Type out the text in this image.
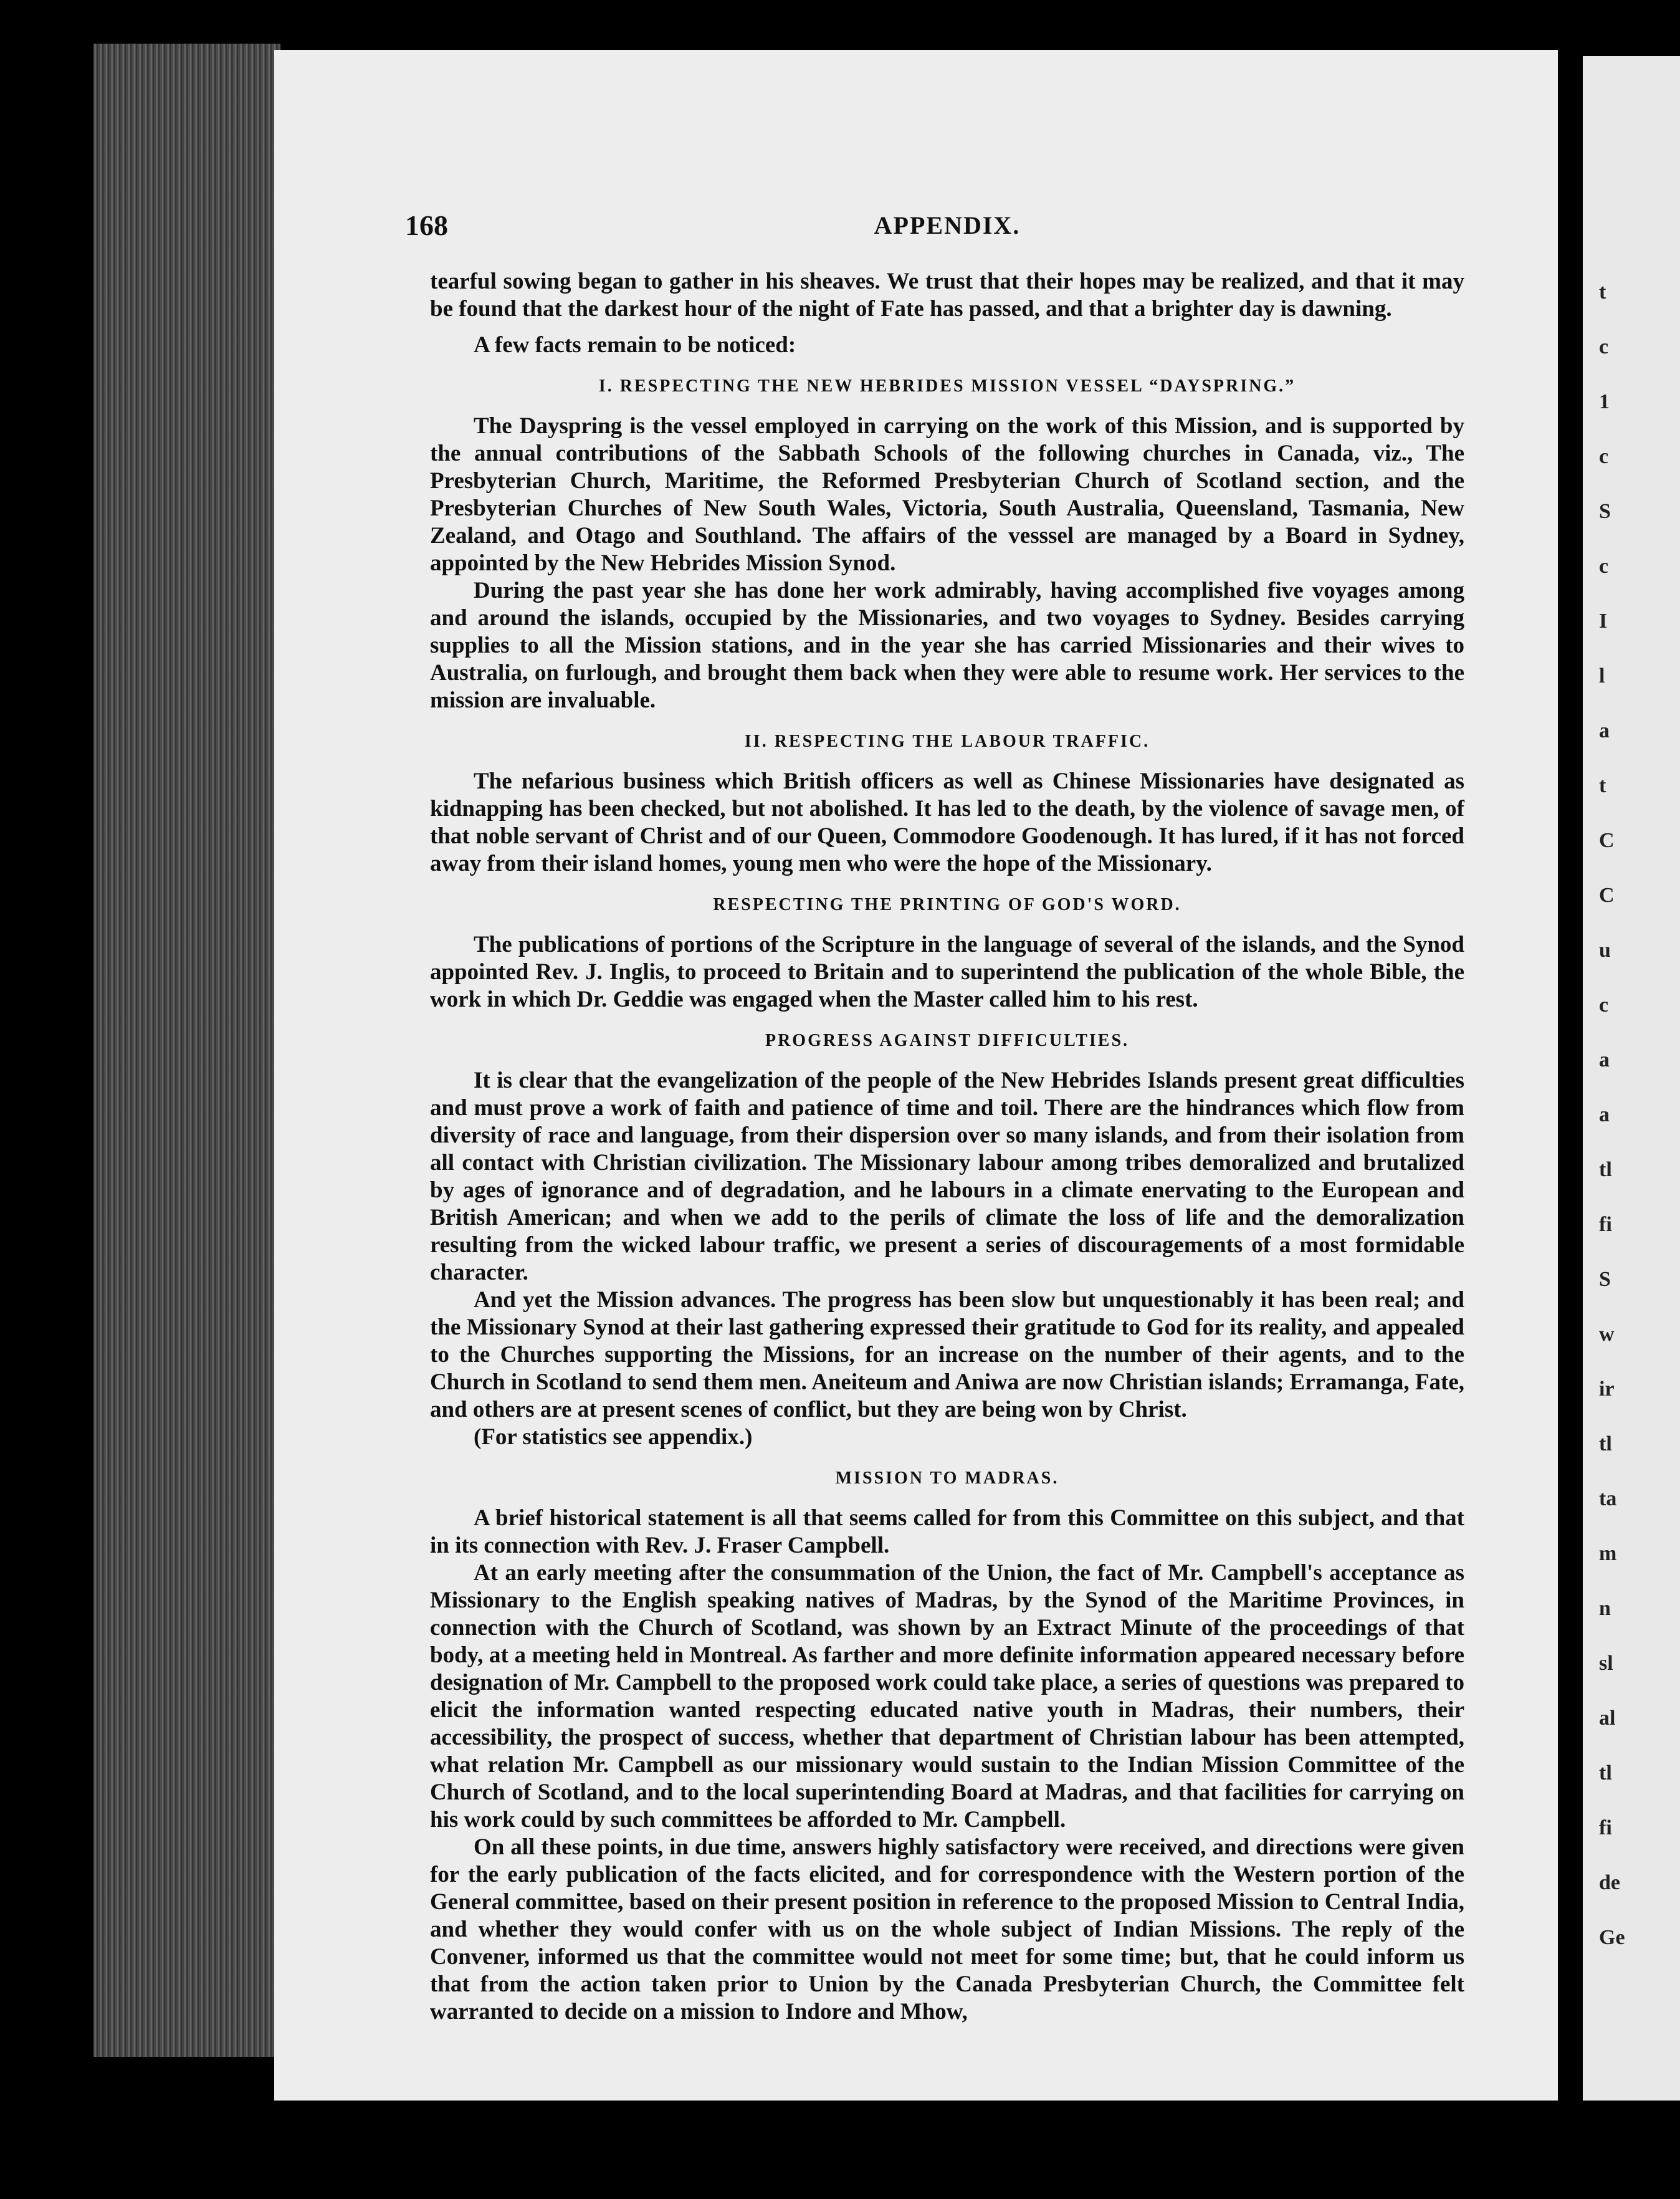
168	APPENDIX.

tearful sowing began to gather in his sheaves. We trust that their hopes may be realized, and that it may be found that the darkest hour of the night of Fate has passed, and that a brighter day is dawning.

A few facts remain to be noticed:

I. RESPECTING THE NEW HEBRIDES MISSION VESSEL “DAYSPRING.”

The Dayspring is the vessel employed in carrying on the work of this Mission, and is supported by the annual contributions of the Sabbath Schools of the following churches in Canada, viz., The Presbyterian Church, Maritime, the Reformed Presbyterian Church of Scotland section, and the Presbyterian Churches of New South Wales, Victoria, South Australia, Queensland, Tasmania, New Zealand, and Otago and Southland. The affairs of the vesssel are managed by a Board in Sydney, appointed by the New Hebrides Mission Synod.

During the past year she has done her work admirably, having accomplished five voyages among and around the islands, occupied by the Missionaries, and two voyages to Sydney. Besides carrying supplies to all the Mission stations, and in the year she has carried Missionaries and their wives to Australia, on furlough, and brought them back when they were able to resume work. Her services to the mission are invaluable.

II. RESPECTING THE LABOUR TRAFFIC.

The nefarious business which British officers as well as Chinese Missionaries have designated as kidnapping has been checked, but not abolished. It has led to the death, by the violence of savage men, of that noble servant of Christ and of our Queen, Commodore Goodenough. It has lured, if it has not forced away from their island homes, young men who were the hope of the Missionary.

RESPECTING THE PRINTING OF GOD'S WORD.

The publications of portions of the Scripture in the language of several of the islands, and the Synod appointed Rev. J. Inglis, to proceed to Britain and to superintend the publication of the whole Bible, the work in which Dr. Geddie was engaged when the Master called him to his rest.

PROGRESS AGAINST DIFFICULTIES.

It is clear that the evangelization of the people of the New Hebrides Islands present great difficulties and must prove a work of faith and patience of time and toil. There are the hindrances which flow from diversity of race and language, from their dispersion over so many islands, and from their isolation from all contact with Christian civilization. The Missionary labour among tribes demoralized and brutalized by ages of ignorance and of degradation, and he labours in a climate enervating to the European and British American; and when we add to the perils of climate the loss of life and the demoralization resulting from the wicked labour traffic, we present a series of discouragements of a most formidable character.

And yet the Mission advances. The progress has been slow but unquestionably it has been real; and the Missionary Synod at their last gathering expressed their gratitude to God for its reality, and appealed to the Churches supporting the Missions, for an increase on the number of their agents, and to the Church in Scotland to send them men. Aneiteum and Aniwa are now Christian islands; Erramanga, Fate, and others are at present scenes of conflict, but they are being won by Christ.

(For statistics see appendix.)

MISSION TO MADRAS.

A brief historical statement is all that seems called for from this Committee on this subject, and that in its connection with Rev. J. Fraser Campbell.

At an early meeting after the consummation of the Union, the fact of Mr. Campbell's acceptance as Missionary to the English speaking natives of Madras, by the Synod of the Maritime Provinces, in connection with the Church of Scotland, was shown by an Extract Minute of the proceedings of that body, at a meeting held in Montreal. As farther and more definite information appeared necessary before designation of Mr. Campbell to the proposed work could take place, a series of questions was prepared to elicit the information wanted respecting educated native youth in Madras, their numbers, their accessibility, the prospect of success, whether that department of Christian labour has been attempted, what relation Mr. Campbell as our missionary would sustain to the Indian Mission Committee of the Church of Scotland, and to the local superintending Board at Madras, and that facilities for carrying on his work could by such committees be afforded to Mr. Campbell.

On all these points, in due time, answers highly satisfactory were received, and directions were given for the early publication of the facts elicited, and for correspondence with the Western portion of the General committee, based on their present position in reference to the proposed Mission to Central India, and whether they would confer with us on the whole subject of Indian Missions. The reply of the Convener, informed us that the committee would not meet for some time; but, that he could inform us that from the action taken prior to Union by the Canada Presbyterian Church, the Committee felt warranted to decide on a mission to Indore and Mhow,

t
c
1
c
S
c
I
l
a
t
C
C
u
c
a
a
tl
fi
S
w
ir
tl
ta
m
n
sl
al
tl
fi
de
Ge
